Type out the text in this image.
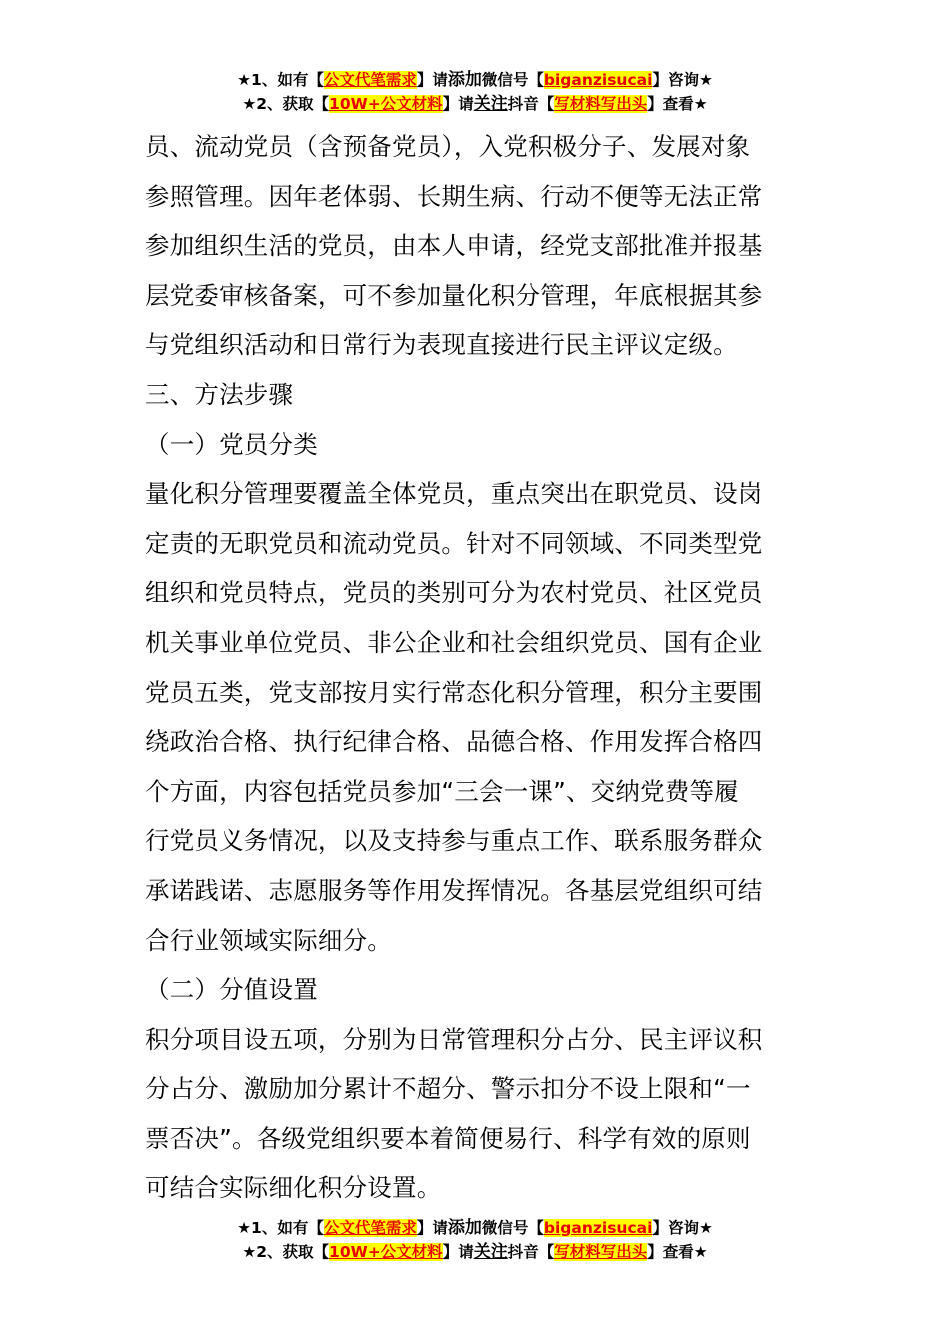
★1、如有【公文代笔需求】请添加微信号【biganzisucai】咨询★
★2、获取【10W+公文材料】请关注抖音【写材料写出头】查看★

员、流动党员（含预备党员），入党积极分子、发展对象

参照管理。因年老体弱、长期生病、行动不便等无法正常

参加组织生活的党员，由本人申请，经党支部批准并报基

层党委审核备案，可不参加量化积分管理，年底根据其参

与党组织活动和日常行为表现直接进行民主评议定级。

三、方法步骤

（一）党员分类

量化积分管理要覆盖全体党员，重点突出在职党员、设岗

定责的无职党员和流动党员。针对不同领域、不同类型党

组织和党员特点，党员的类别可分为农村党员、社区党员

机关事业单位党员、非公企业和社会组织党员、国有企业

党员五类，党支部按月实行常态化积分管理，积分主要围

绕政治合格、执行纪律合格、品德合格、作用发挥合格四

个方面，内容包括党员参加“三会一课”、交纳党费等履

行党员义务情况，以及支持参与重点工作、联系服务群众

承诺践诺、志愿服务等作用发挥情况。各基层党组织可结

合行业领域实际细分。

（二）分值设置

积分项目设五项，分别为日常管理积分占分、民主评议积

分占分、激励加分累计不超分、警示扣分不设上限和“一

票否决”。各级党组织要本着简便易行、科学有效的原则

可结合实际细化积分设置。

★1、如有【公文代笔需求】请添加微信号【biganzisucai】咨询★
★2、获取【10W+公文材料】请关注抖音【写材料写出头】查看★
